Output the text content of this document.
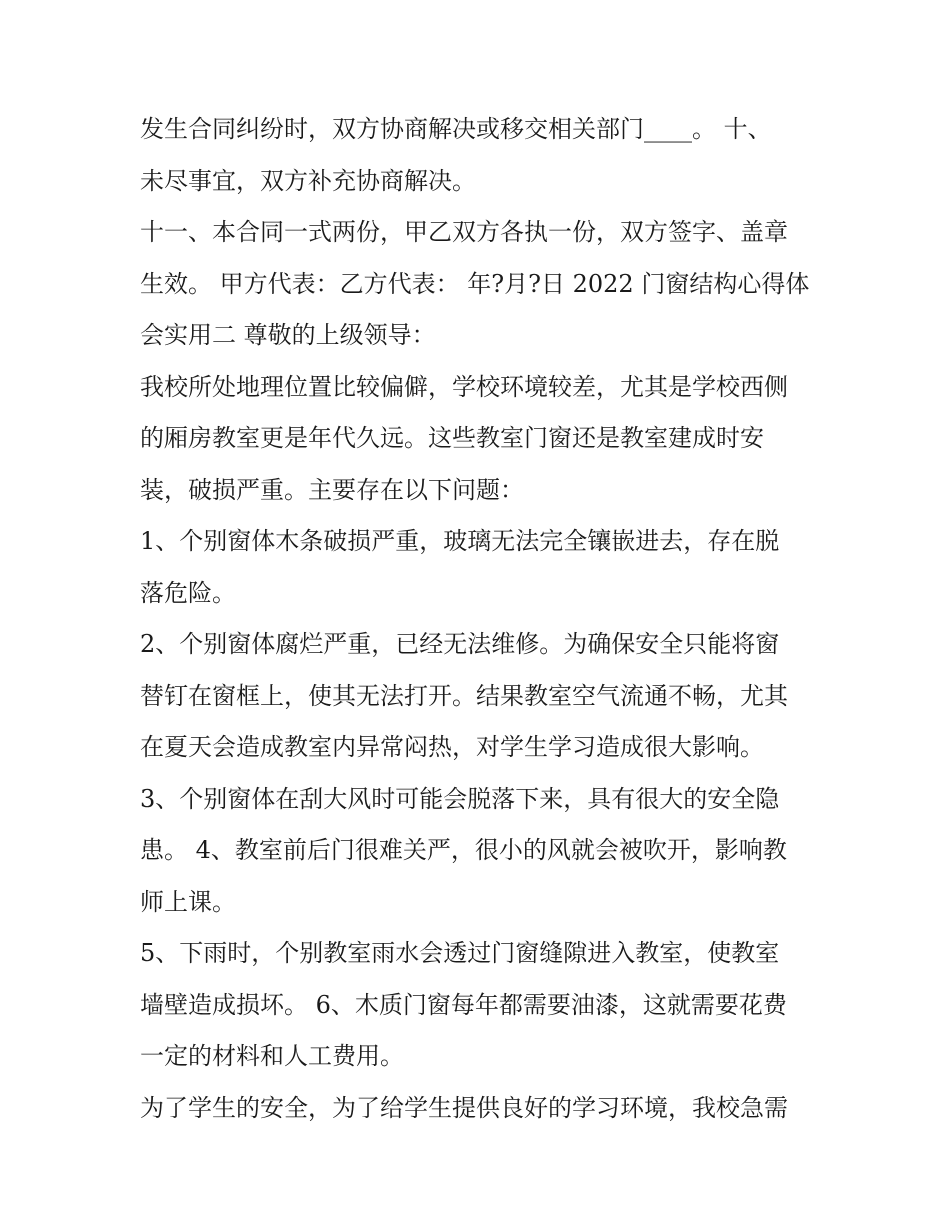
发生合同纠纷时，双方协商解决或移交相关部门____。 十、
未尽事宜，双方补充协商解决。

十一、本合同一式两份，甲乙双方各执一份，双方签字、盖章
生效。 甲方代表：乙方代表： 年?月?日 2022 门窗结构心得体
会实用二 尊敬的上级领导：

我校所处地理位置比较偏僻，学校环境较差，尤其是学校西侧
的厢房教室更是年代久远。这些教室门窗还是教室建成时安
装，破损严重。主要存在以下问题：

1、个别窗体木条破损严重，玻璃无法完全镶嵌进去，存在脱
落危险。

2、个别窗体腐烂严重，已经无法维修。为确保安全只能将窗
替钉在窗框上，使其无法打开。结果教室空气流通不畅，尤其
在夏天会造成教室内异常闷热，对学生学习造成很大影响。

3、个别窗体在刮大风时可能会脱落下来，具有很大的安全隐
患。 4、教室前后门很难关严，很小的风就会被吹开，影响教
师上课。

5、下雨时，个别教室雨水会透过门窗缝隙进入教室，使教室
墙壁造成损坏。 6、木质门窗每年都需要油漆，这就需要花费
一定的材料和人工费用。

为了学生的安全，为了给学生提供良好的学习环境，我校急需
